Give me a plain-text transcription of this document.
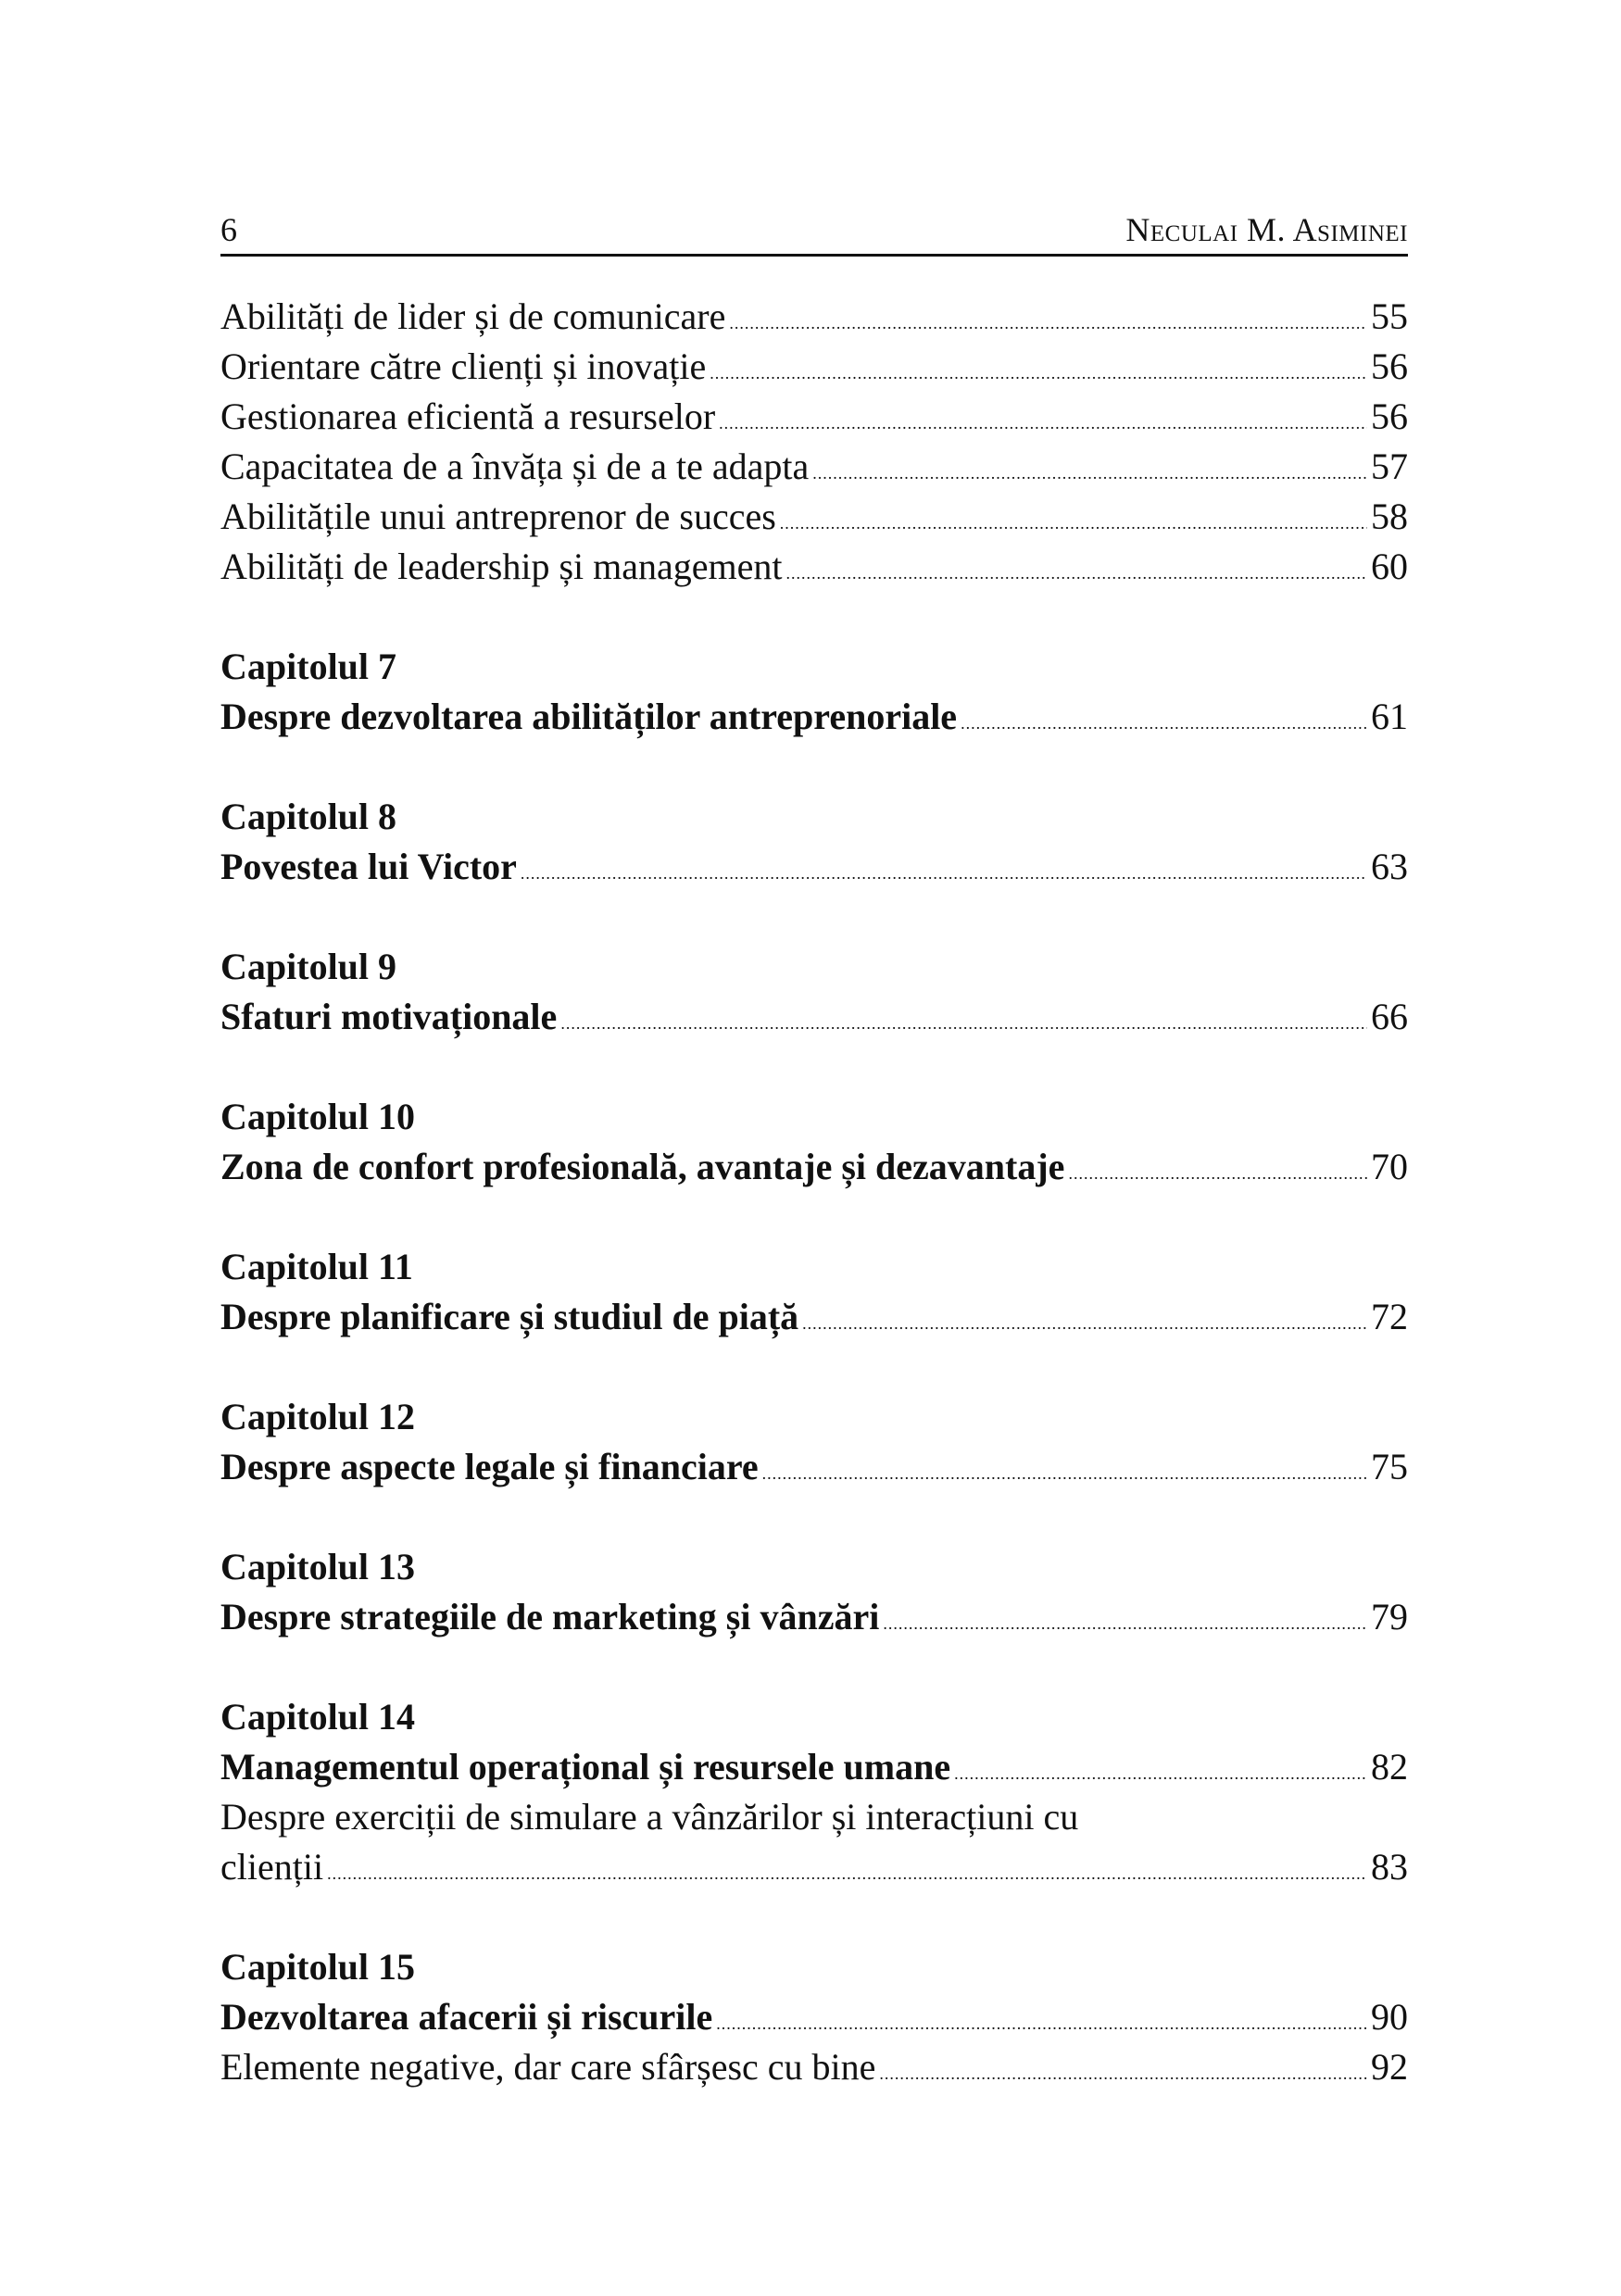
6	Neculai M. Asiminei
Abilități de lider și de comunicare .....	55
Orientare către clienți și inovație .....	56
Gestionarea eficientă a resurselor .....	56
Capacitatea de a învăța și de a te adapta .....	57
Abilitățile unui antreprenor de succes .....	58
Abilități de leadership și management .....	60
Capitolul 7
Despre dezvoltarea abilităților antreprenoriale .....	61
Capitolul 8
Povestea lui Victor .....	63
Capitolul 9
Sfaturi motivaționale .....	66
Capitolul 10
Zona de confort profesională, avantaje și dezavantaje .....	70
Capitolul 11
Despre planificare și studiul de piață .....	72
Capitolul 12
Despre aspecte legale și financiare .....	75
Capitolul 13
Despre strategiile de marketing și vânzări .....	79
Capitolul 14
Managementul operațional și resursele umane .....	82
Despre exerciții de simulare a vânzărilor și interacțiuni cu
clienții .....	83
Capitolul 15
Dezvoltarea afacerii și riscurile .....	90
Elemente negative, dar care sfârșesc cu bine .....	92
